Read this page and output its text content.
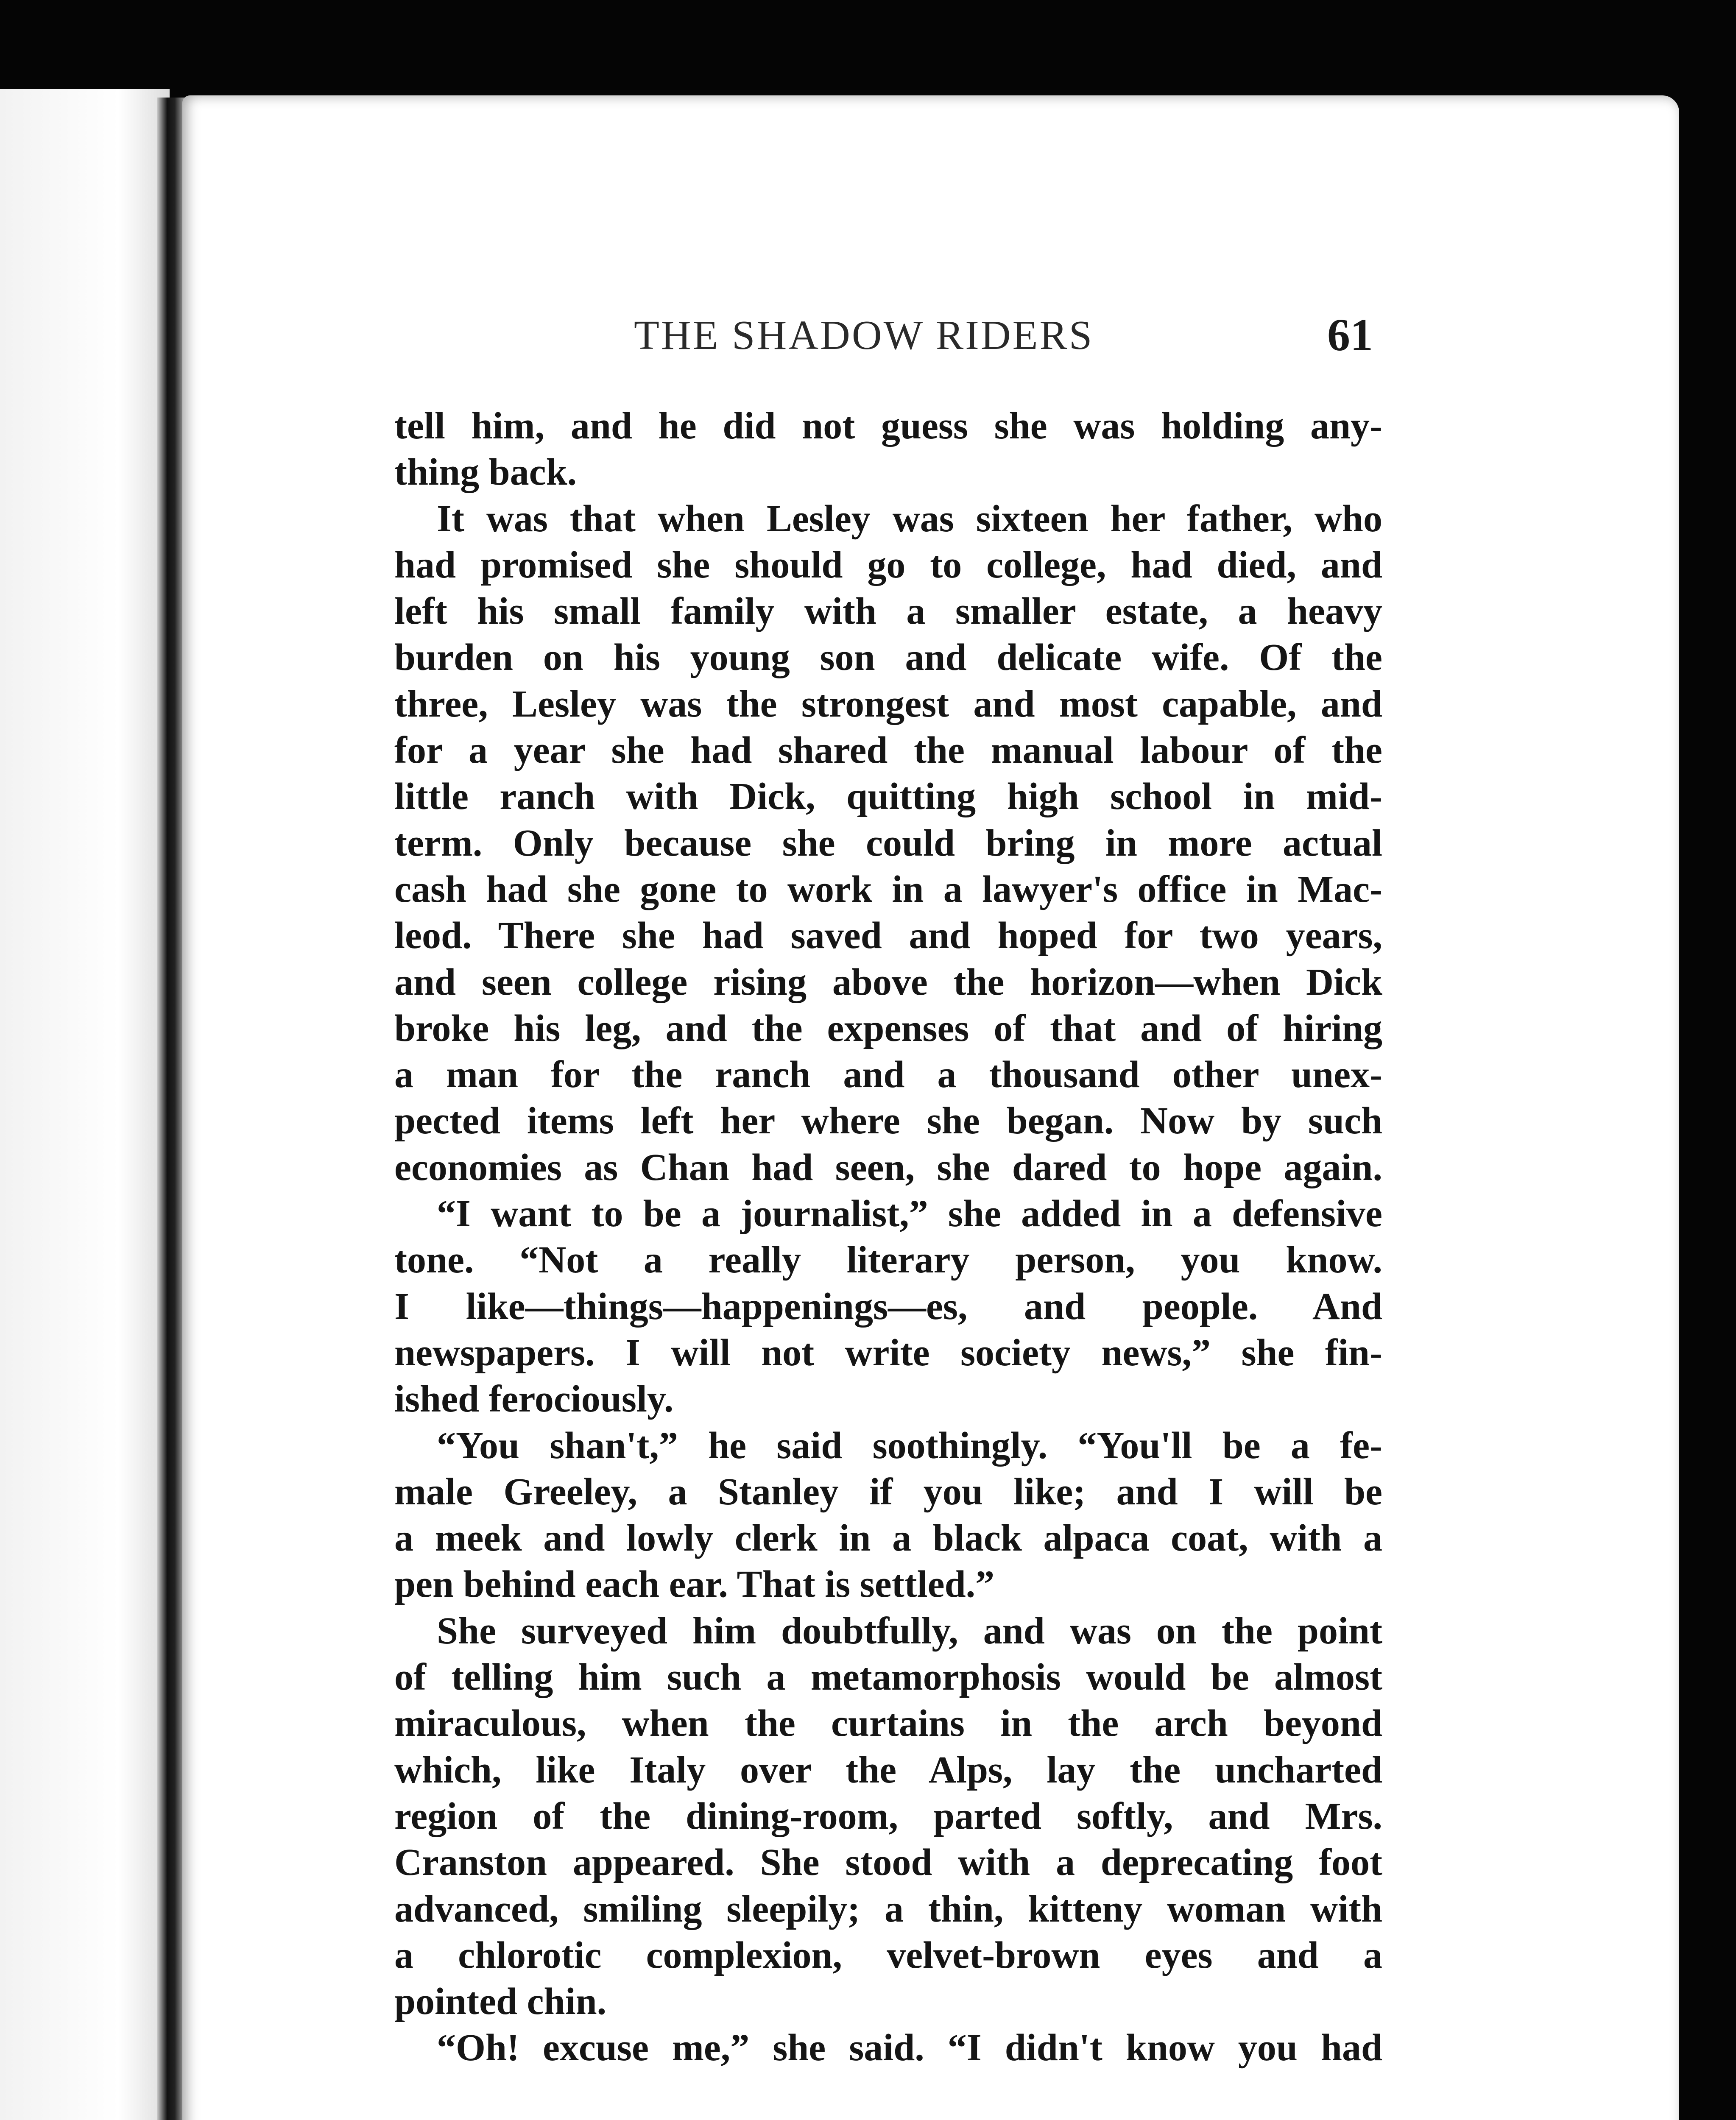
THE SHADOW RIDERS	61
tell him, and he did not guess she was holding any-
thing back.
It was that when Lesley was sixteen her father, who
had promised she should go to college, had died, and
left his small family with a smaller estate, a heavy
burden on his young son and delicate wife. Of the
three, Lesley was the strongest and most capable, and
for a year she had shared the manual labour of the
little ranch with Dick, quitting high school in mid-
term. Only because she could bring in more actual
cash had she gone to work in a lawyer's office in Mac-
leod. There she had saved and hoped for two years,
and seen college rising above the horizon—when Dick
broke his leg, and the expenses of that and of hiring
a man for the ranch and a thousand other unex-
pected items left her where she began. Now by such
economies as Chan had seen, she dared to hope again.
“I want to be a journalist,” she added in a defensive
tone. “Not a really literary person, you know.
I like—things—happenings—es, and people. And
newspapers. I will not write society news,” she fin-
ished ferociously.
“You shan't,” he said soothingly. “You'll be a fe-
male Greeley, a Stanley if you like; and I will be
a meek and lowly clerk in a black alpaca coat, with a
pen behind each ear. That is settled.”
She surveyed him doubtfully, and was on the point
of telling him such a metamorphosis would be almost
miraculous, when the curtains in the arch beyond
which, like Italy over the Alps, lay the uncharted
region of the dining-room, parted softly, and Mrs.
Cranston appeared. She stood with a deprecating foot
advanced, smiling sleepily; a thin, kitteny woman with
a chlorotic complexion, velvet-brown eyes and a
pointed chin.
“Oh! excuse me,” she said. “I didn't know you had
